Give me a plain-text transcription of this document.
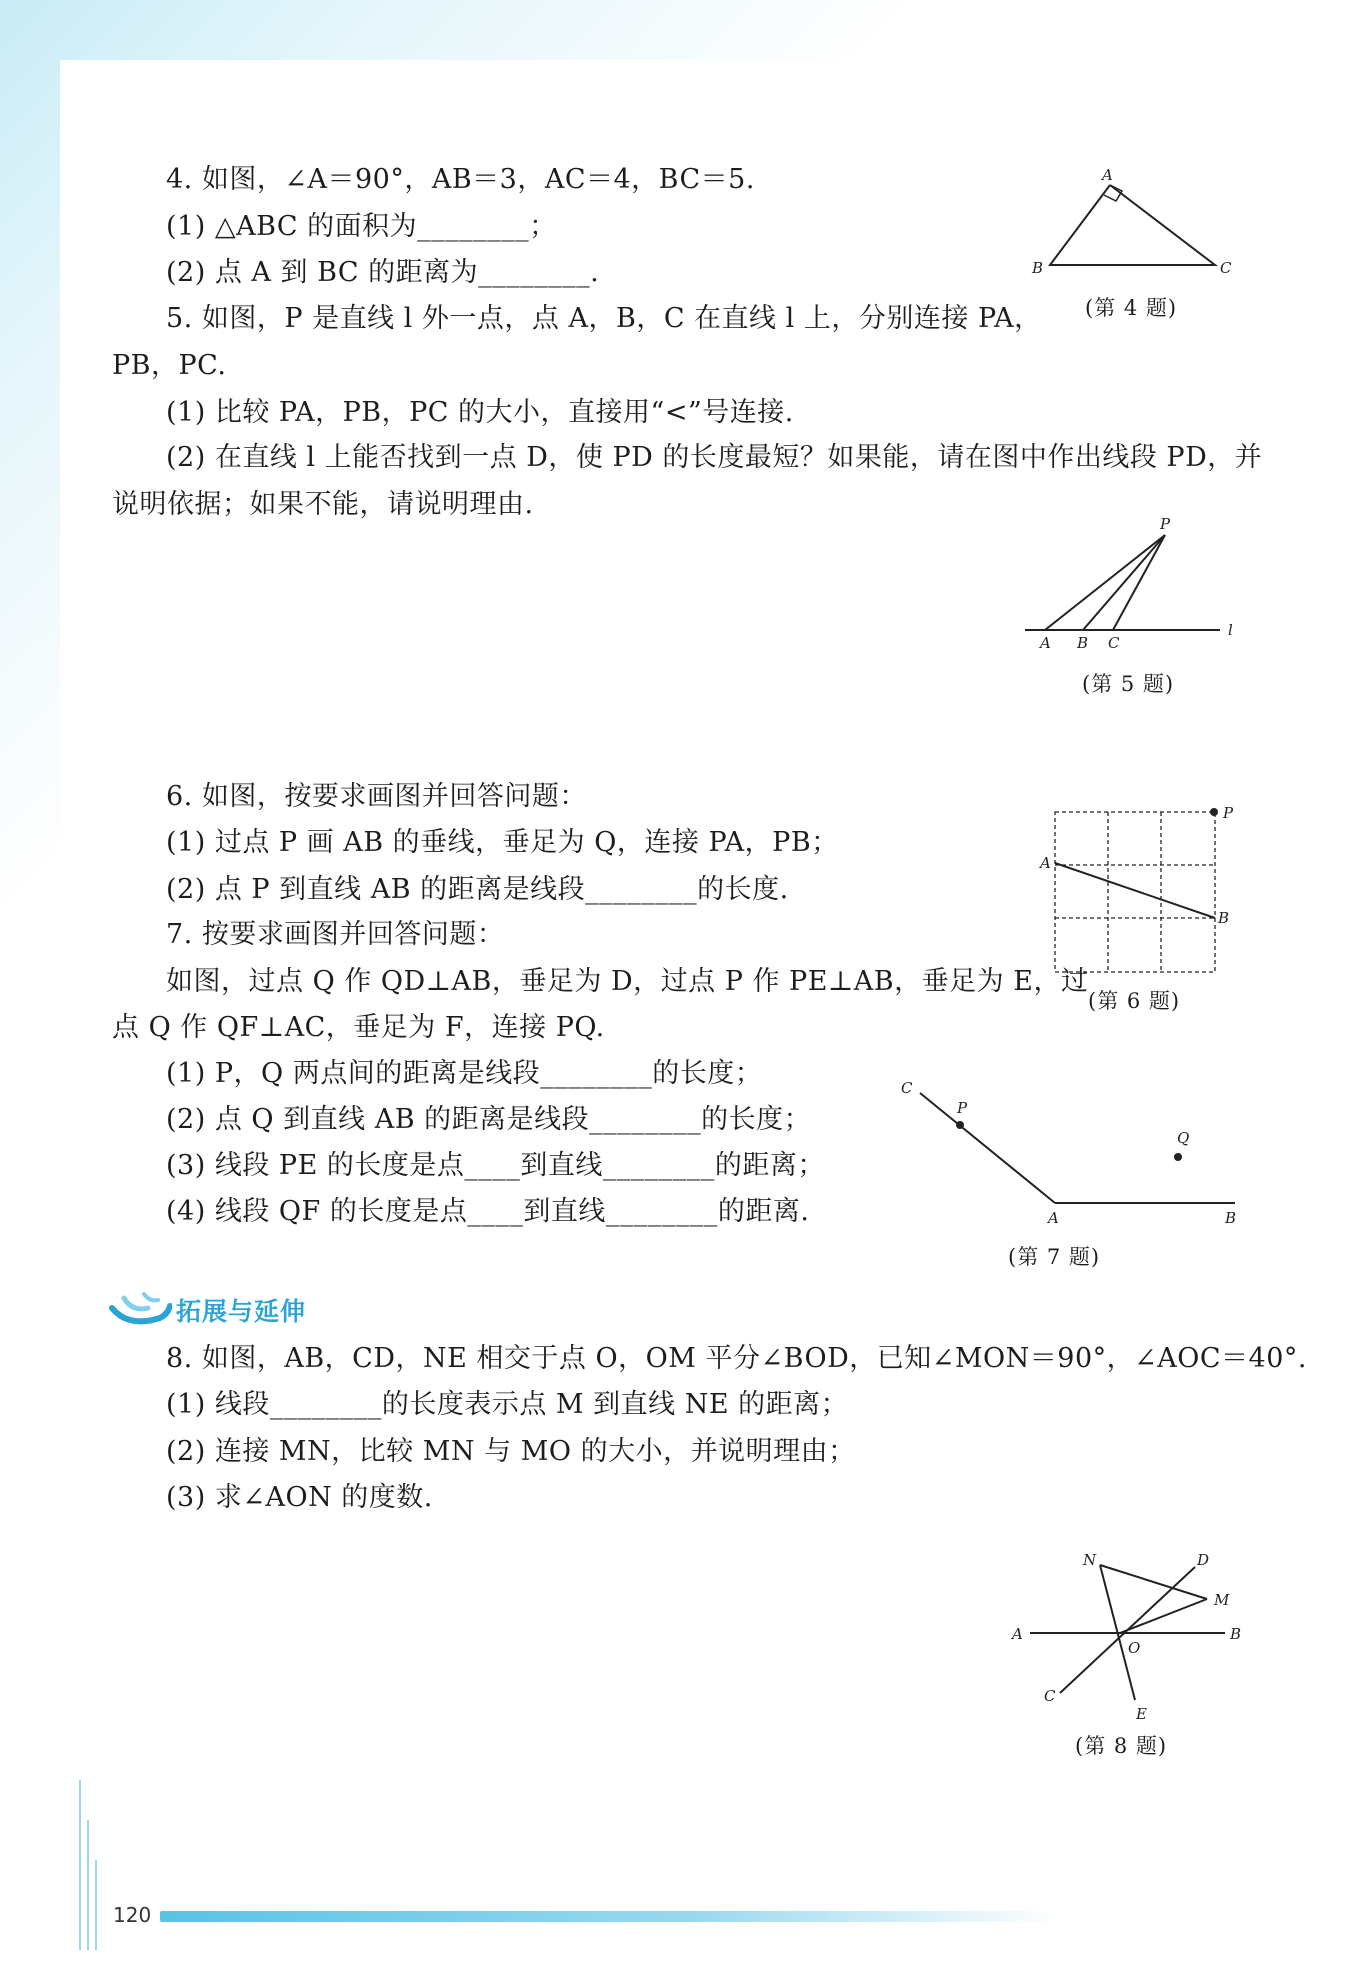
4. 如图，∠A＝90°，AB＝3，AC＝4，BC＝5.
(1) △ABC 的面积为________；
(2) 点 A 到 BC 的距离为________.
A
B	C
(第 4 题)
5. 如图，P 是直线 l 外一点，点 A，B，C 在直线 l 上，分别连接 PA，
PB，PC.
(1) 比较 PA，PB，PC 的大小，直接用“<”号连接.
(2) 在直线 l 上能否找到一点 D，使 PD 的长度最短？如果能，请在图中作出线段 PD，并
说明依据；如果不能，请说明理由.
P
A B C
l
(第 5 题)
6. 如图，按要求画图并回答问题：
(1) 过点 P 画 AB 的垂线，垂足为 Q，连接 PA，PB；
(2) 点 P 到直线 AB 的距离是线段________的长度.
P
A
B
(第 6 题)
7. 按要求画图并回答问题：
如图，过点 Q 作 QD⊥AB，垂足为 D，过点 P 作 PE⊥AB，垂足为 E，过
点 Q 作 QF⊥AC，垂足为 F，连接 PQ.
(1) P，Q 两点间的距离是线段________的长度；
(2) 点 Q 到直线 AB 的距离是线段________的长度；
(3) 线段 PE 的长度是点____到直线________的距离；
(4) 线段 QF 的长度是点____到直线________的距离.
C
P
Q
A	B
(第 7 题)
拓展与延伸
8. 如图，AB，CD，NE 相交于点 O，OM 平分∠BOD，已知∠MON＝90°，∠AOC＝40°.
(1) 线段________的长度表示点 M 到直线 NE 的距离；
(2) 连接 MN，比较 MN 与 MO 的大小，并说明理由；
(3) 求∠AON 的度数.
N	D
M
A	B
O
C
E
(第 8 题)
120
